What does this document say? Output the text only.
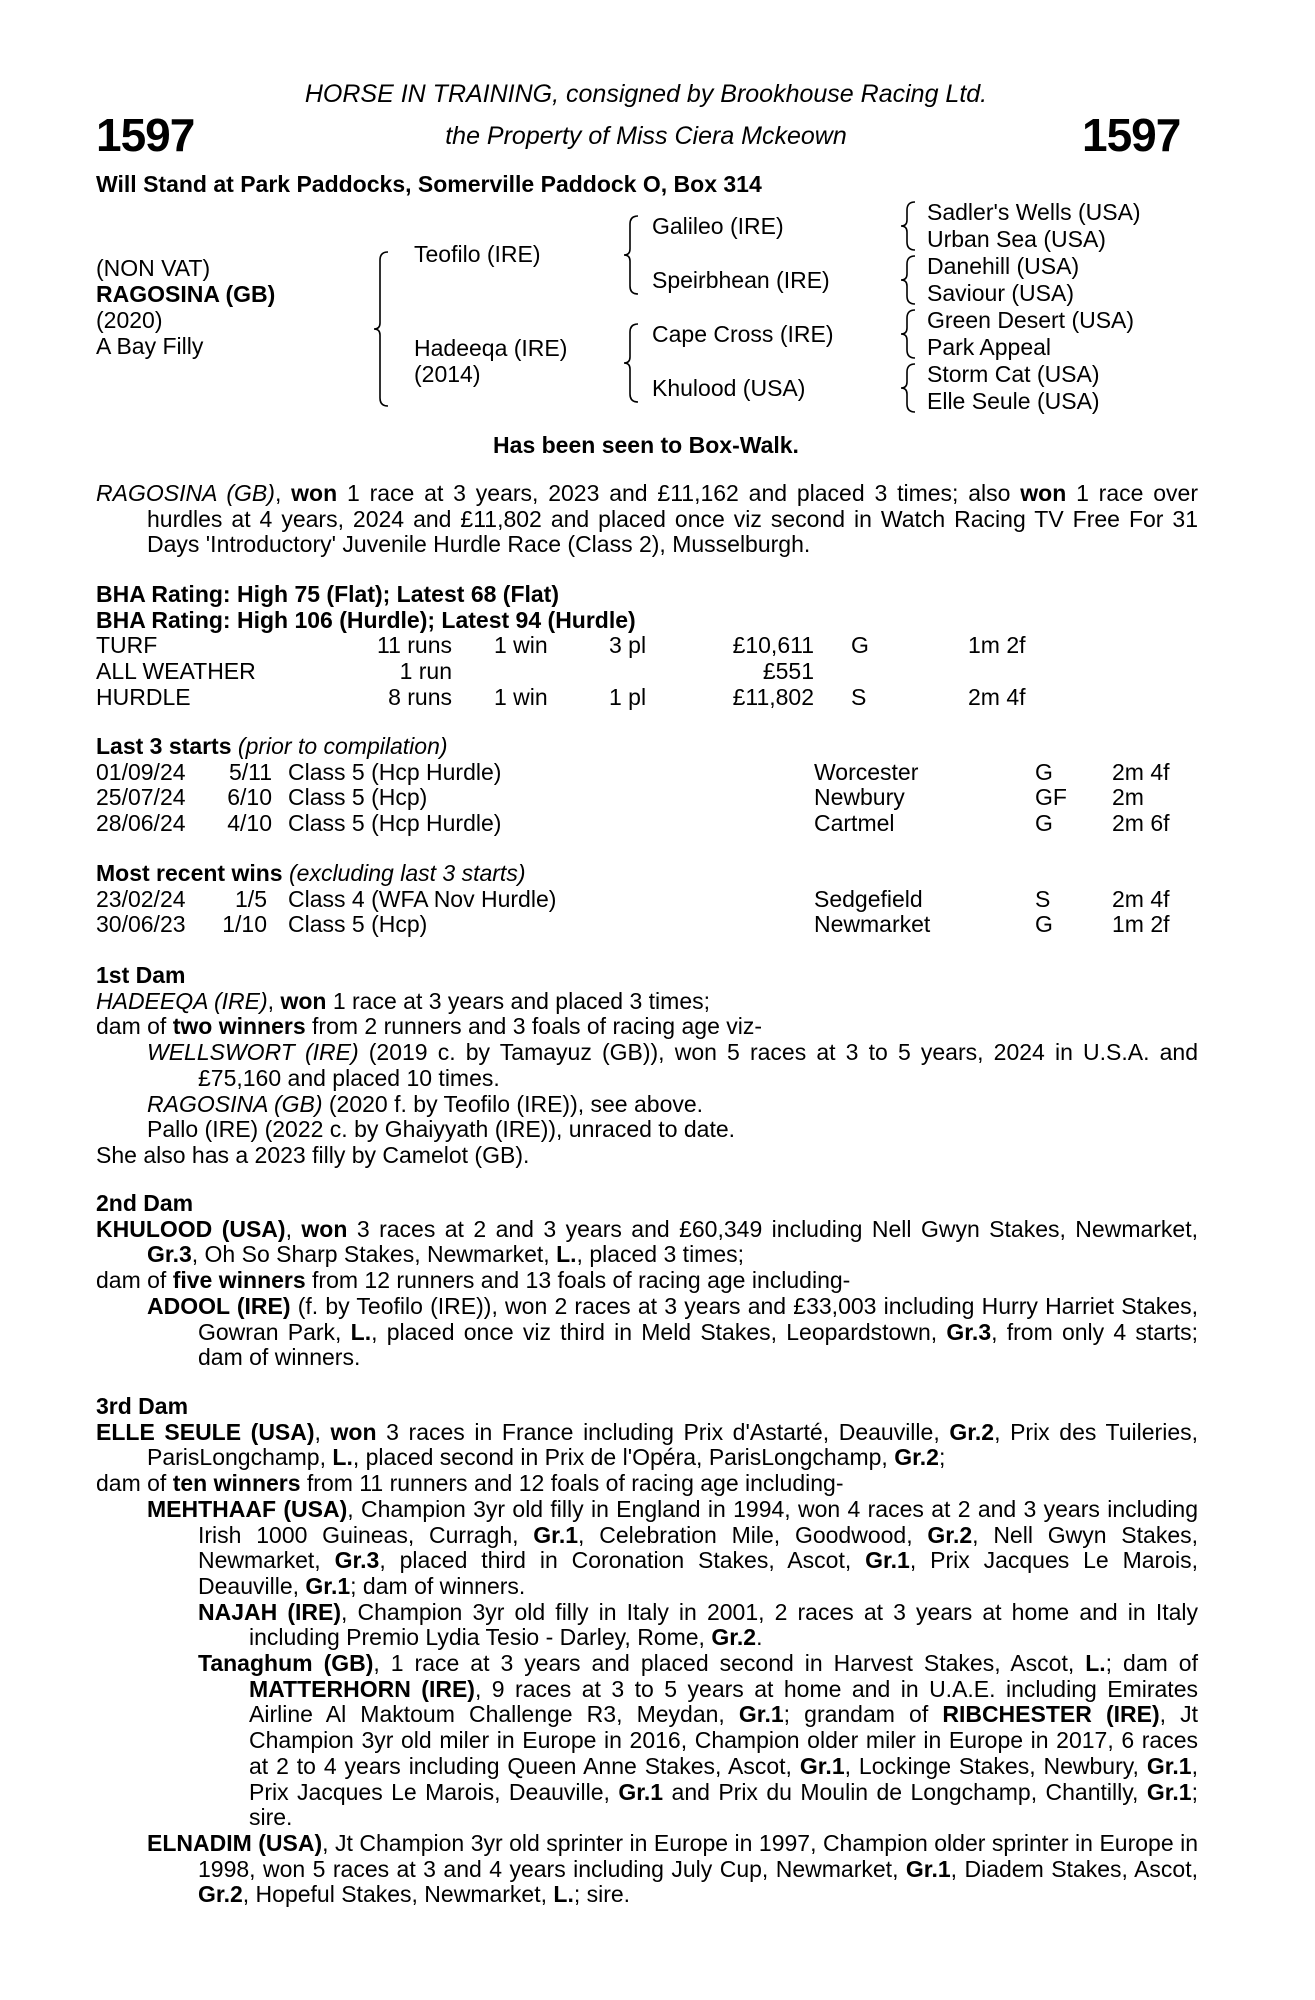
HORSE IN TRAINING, consigned by Brookhouse Racing Ltd.
1597	the Property of Miss Ciera Mckeown	1597
Will Stand at Park Paddocks, Somerville Paddock O, Box 314
(NON VAT)
RAGOSINA (GB)
(2020)
A Bay Filly
Teofilo (IRE)
Hadeeqa (IRE)
(2014)
Galileo (IRE)
Speirbhean (IRE)
Cape Cross (IRE)
Khulood (USA)
Sadler's Wells (USA)
Urban Sea (USA)
Danehill (USA)
Saviour (USA)
Green Desert (USA)
Park Appeal
Storm Cat (USA)
Elle Seule (USA)
Has been seen to Box-Walk.
RAGOSINA (GB), won 1 race at 3 years, 2023 and £11,162 and placed 3 times; also won 1 race over hurdles at 4 years, 2024 and £11,802 and placed once viz second in Watch Racing TV Free For 31 Days 'Introductory' Juvenile Hurdle Race (Class 2), Musselburgh.
BHA Rating: High 75 (Flat); Latest 68 (Flat)
BHA Rating: High 106 (Hurdle); Latest 94 (Hurdle)
TURF	11 runs 1 win	3 pl	£10,611 G	1m 2f
ALL WEATHER	1 run	£551
HURDLE	8 runs 1 win	1 pl	£11,802 S	2m 4f
Last 3 starts (prior to compilation)
01/09/24 5/11 Class 5 (Hcp Hurdle)	Worcester	G	2m 4f
25/07/24 6/10 Class 5 (Hcp)	Newbury	GF 2m
28/06/24 4/10 Class 5 (Hcp Hurdle)	Cartmel	G	2m 6f
Most recent wins (excluding last 3 starts)
23/02/24 1/5 Class 4 (WFA Nov Hurdle)	Sedgefield	S	2m 4f
30/06/23 1/10 Class 5 (Hcp)	Newmarket	G	1m 2f
1st Dam
HADEEQA (IRE), won 1 race at 3 years and placed 3 times;
dam of two winners from 2 runners and 3 foals of racing age viz-
WELLSWORT (IRE) (2019 c. by Tamayuz (GB)), won 5 races at 3 to 5 years, 2024 in U.S.A. and £75,160 and placed 10 times.
RAGOSINA (GB) (2020 f. by Teofilo (IRE)), see above.
Pallo (IRE) (2022 c. by Ghaiyyath (IRE)), unraced to date.
She also has a 2023 filly by Camelot (GB).
2nd Dam
KHULOOD (USA), won 3 races at 2 and 3 years and £60,349 including Nell Gwyn Stakes, Newmarket, Gr.3, Oh So Sharp Stakes, Newmarket, L., placed 3 times;
dam of five winners from 12 runners and 13 foals of racing age including-
ADOOL (IRE) (f. by Teofilo (IRE)), won 2 races at 3 years and £33,003 including Hurry Harriet Stakes, Gowran Park, L., placed once viz third in Meld Stakes, Leopardstown, Gr.3, from only 4 starts; dam of winners.
3rd Dam
ELLE SEULE (USA), won 3 races in France including Prix d'Astarté, Deauville, Gr.2, Prix des Tuileries, ParisLongchamp, L., placed second in Prix de l'Opéra, ParisLongchamp, Gr.2;
dam of ten winners from 11 runners and 12 foals of racing age including-
MEHTHAAF (USA), Champion 3yr old filly in England in 1994, won 4 races at 2 and 3 years including Irish 1000 Guineas, Curragh, Gr.1, Celebration Mile, Goodwood, Gr.2, Nell Gwyn Stakes, Newmarket, Gr.3, placed third in Coronation Stakes, Ascot, Gr.1, Prix Jacques Le Marois, Deauville, Gr.1; dam of winners.
NAJAH (IRE), Champion 3yr old filly in Italy in 2001, 2 races at 3 years at home and in Italy including Premio Lydia Tesio - Darley, Rome, Gr.2.
Tanaghum (GB), 1 race at 3 years and placed second in Harvest Stakes, Ascot, L.; dam of MATTERHORN (IRE), 9 races at 3 to 5 years at home and in U.A.E. including Emirates Airline Al Maktoum Challenge R3, Meydan, Gr.1; grandam of RIBCHESTER (IRE), Jt Champion 3yr old miler in Europe in 2016, Champion older miler in Europe in 2017, 6 races at 2 to 4 years including Queen Anne Stakes, Ascot, Gr.1, Lockinge Stakes, Newbury, Gr.1, Prix Jacques Le Marois, Deauville, Gr.1 and Prix du Moulin de Longchamp, Chantilly, Gr.1; sire.
ELNADIM (USA), Jt Champion 3yr old sprinter in Europe in 1997, Champion older sprinter in Europe in 1998, won 5 races at 3 and 4 years including July Cup, Newmarket, Gr.1, Diadem Stakes, Ascot, Gr.2, Hopeful Stakes, Newmarket, L.; sire.
